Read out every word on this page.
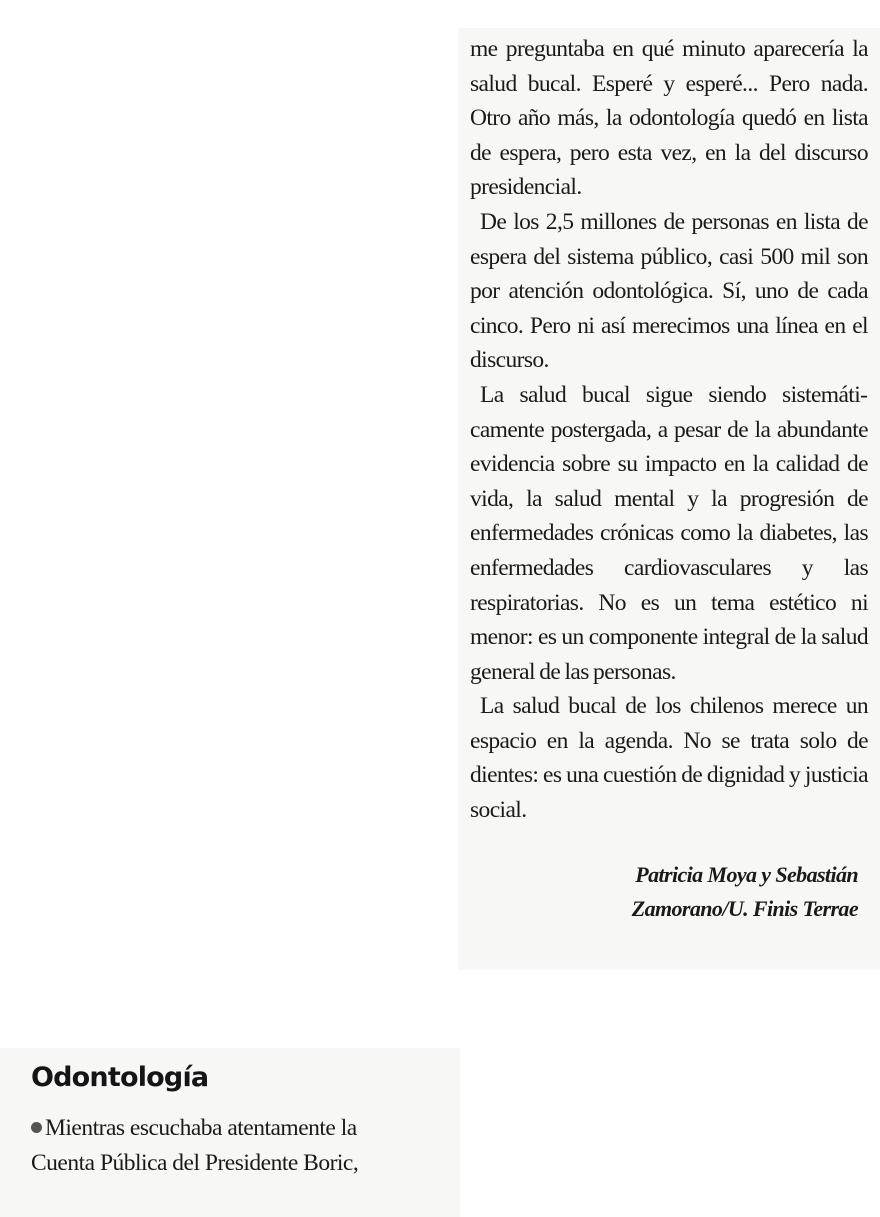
me preguntaba en qué minuto aparecería la salud bucal. Esperé y esperé... Pero nada. Otro año más, la odontología quedó en lista de espera, pero esta vez, en la del discurso presidencial.

De los 2,5 millones de personas en lista de espera del sistema público, casi 500 mil son por atención odontológica. Sí, uno de cada cinco. Pero ni así merecimos una línea en el discurso.

La salud bucal sigue siendo sistemáticamente postergada, a pesar de la abundante evidencia sobre su impacto en la calidad de vida, la salud mental y la progresión de enfermedades crónicas como la diabetes, las enfermedades cardiovasculares y las respiratorias. No es un tema estético ni menor: es un componente integral de la salud general de las personas.

La salud bucal de los chilenos merece un espacio en la agenda. No se trata solo de dientes: es una cuestión de dignidad y justicia social.

Patricia Moya y Sebastián
Zamorano/U. Finis Terrae
Odontología

Mientras escuchaba atentamente la

Cuenta Pública del Presidente Boric,
